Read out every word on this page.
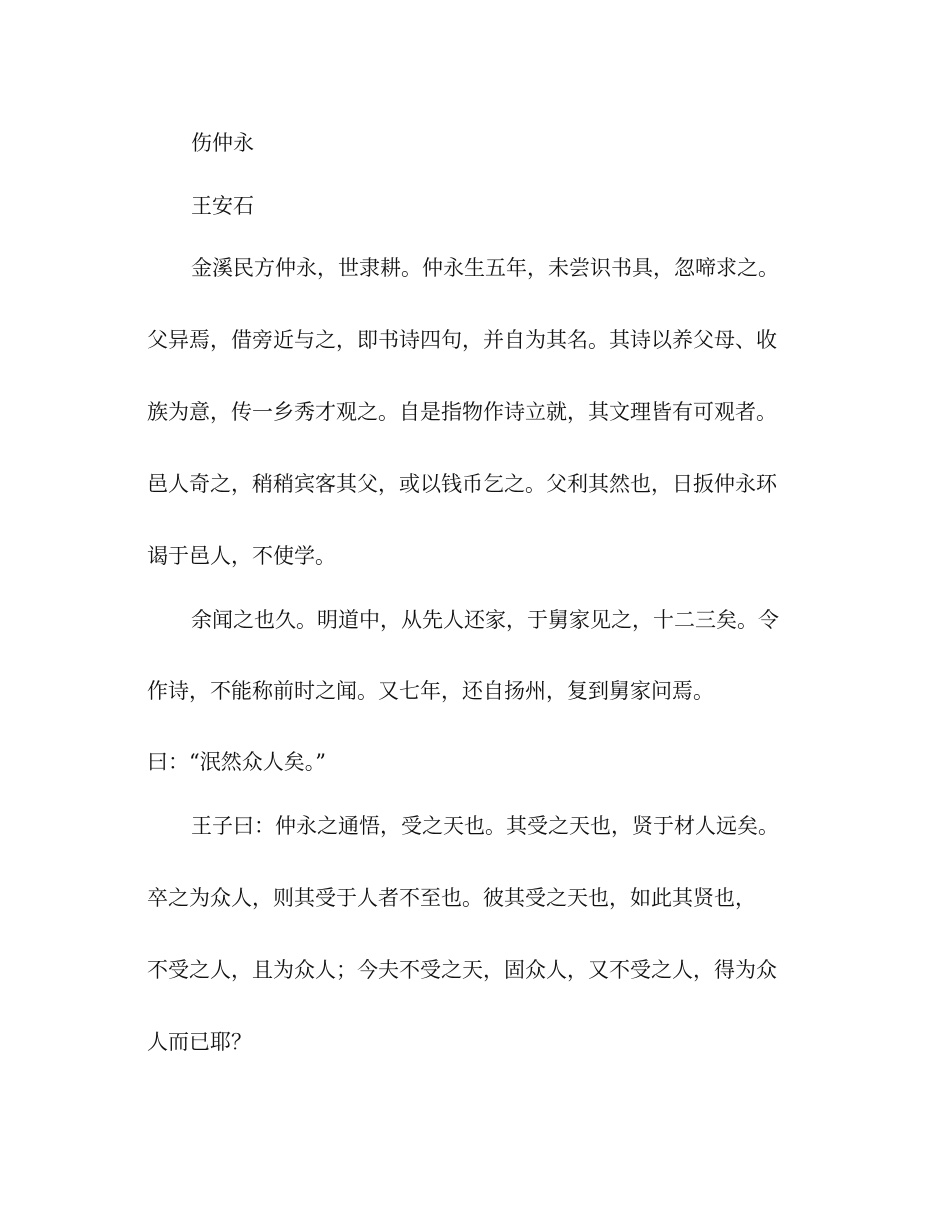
伤仲永
王安石
金溪民方仲永，世隶耕。仲永生五年，未尝识书具，忽啼求之。
父异焉，借旁近与之，即书诗四句，并自为其名。其诗以养父母、收
族为意，传一乡秀才观之。自是指物作诗立就，其文理皆有可观者。
邑人奇之，稍稍宾客其父，或以钱币乞之。父利其然也，日扳仲永环
谒于邑人，不使学。
余闻之也久。明道中，从先人还家，于舅家见之，十二三矣。令
作诗，不能称前时之闻。又七年，还自扬州，复到舅家问焉。
曰：“泯然众人矣。”
王子曰：仲永之通悟，受之天也。其受之天也，贤于材人远矣。
卒之为众人，则其受于人者不至也。彼其受之天也，如此其贤也，
不受之人，且为众人；今夫不受之天，固众人，又不受之人，得为众
人而已耶？
